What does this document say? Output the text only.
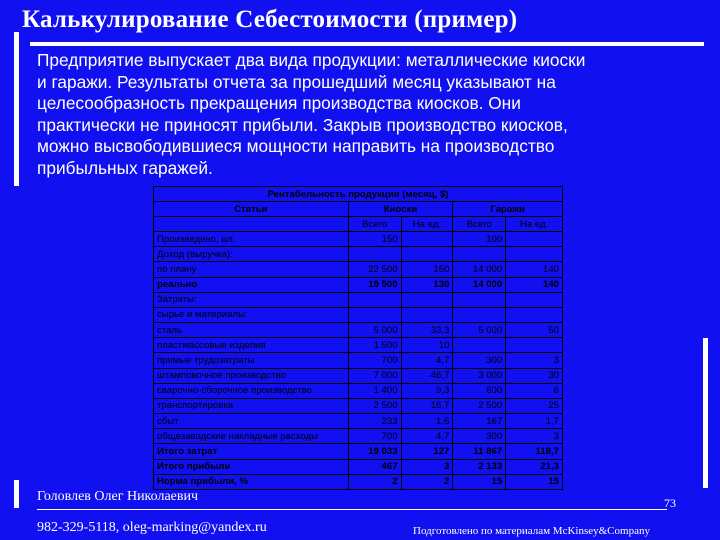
Калькулирование Себестоимости (пример)
Предприятие выпускает два вида продукции: металлические киоски
и гаражи. Результаты отчета за прошедший месяц указывают на
целесообразность прекращения производства киосков. Они
практически не приносят прибыли. Закрыв производство киосков,
можно высвободившиеся мощности направить на производство
прибыльных гаражей.
Рентабельность продукции (месяц, $)				
Статьи	Киоски		Гаражи	
	Всего	На ед.	Всего	На ед.
Произведено, шт.	150		100	
Доход (выручка):				
по плану	22 500	150	14 000	140
реально	19 500	130	14 000	140
Затраты:				
сырье и материалы:				
сталь	5 000	33,3	5 000	50
пластмассовые изделия	1 500	10		
прямые трудозатраты	700	4,7	300	3
штамповочное производство	7 000	46,7	3 000	30
сварочно-сборочное производство	1 400	9,3	600	6
транспортировка	2 500	16,7	2 500	25
сбыт	233	1,6	167	1,7
общезаводские накладные расходы	700	4,7	300	3
Итого затрат	19 033	127	11 867	118,7
Итого прибыли	467	3	2 133	21,3
Норма прибыли, %	2	2	15	15
Головлев Олег Николаевич	73
982-329-5118, oleg-marking@yandex.ru	Подготовлено по материалам McKinsey&Company
